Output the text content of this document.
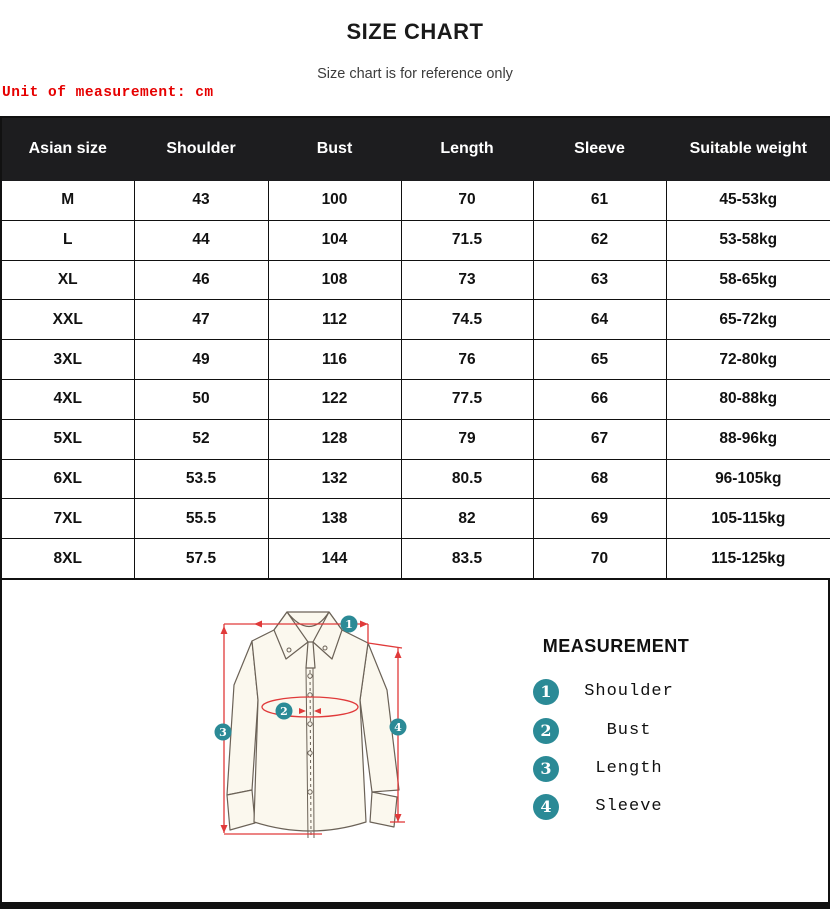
SIZE CHART
Size chart is for reference only
Unit of measurement: cm
Asian size	Shoulder	Bust	Length	Sleeve	Suitable weight
M	43	100	70	61	45-53kg
L	44	104	71.5	62	53-58kg
XL	46	108	73	63	58-65kg
XXL	47	112	74.5	64	65-72kg
3XL	49	116	76	65	72-80kg
4XL	50	122	77.5	66	80-88kg
5XL	52	128	79	67	88-96kg
6XL	53.5	132	80.5	68	96-105kg
7XL	55.5	138	82	69	105-115kg
8XL	57.5	144	83.5	70	115-125kg
1
2
3	4
MEASUREMENT
1	Shoulder
2	Bust
3	Length
4	Sleeve
